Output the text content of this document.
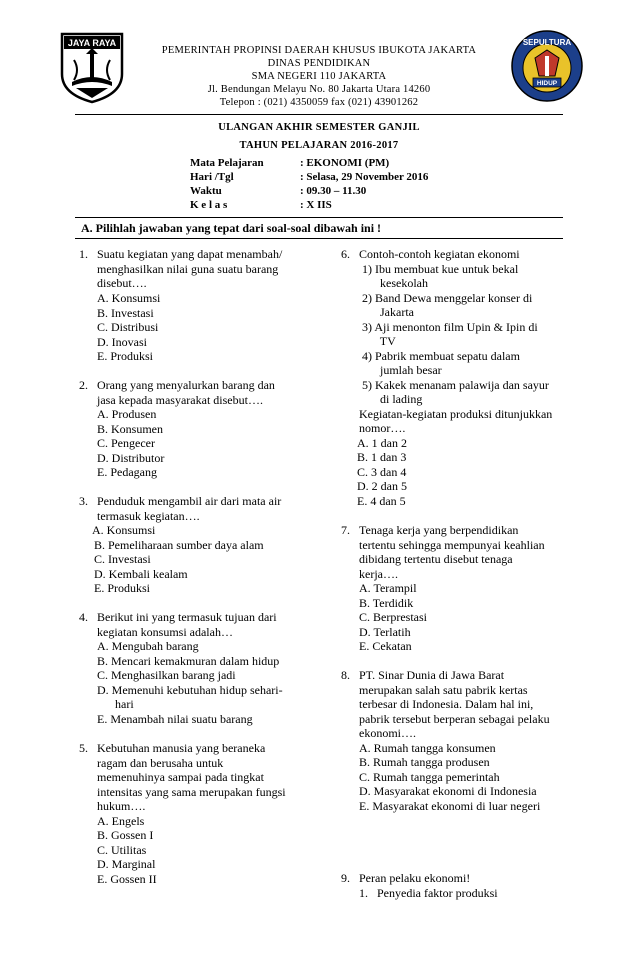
JAYA RAYA	SEPULTURA
HIDUP
PEMERINTAH PROPINSI DAERAH KHUSUS IBUKOTA JAKARTA
DINAS PENDIDIKAN
SMA NEGERI 110 JAKARTA
Jl. Bendungan Melayu No. 80 Jakarta Utara 14260
Telepon : (021) 4350059 fax (021) 43901262
ULANGAN AKHIR SEMESTER GANJIL
TAHUN PELAJARAN 2016-2017
Mata Pelajaran	: EKONOMI (PM)
Hari /Tgl	: Selasa, 29 November 2016
Waktu	: 09.30 – 11.30
K e l a s	: X IIS
A. Pilihlah jawaban yang tepat dari soal-soal dibawah ini !
1. Suatu kegiatan yang dapat menambah/
menghasilkan nilai guna suatu barang
disebut….
A. Konsumsi
B. Investasi
C. Distribusi
D. Inovasi
E. Produksi
2. Orang yang menyalurkan barang dan
jasa kepada masyarakat disebut….
A. Produsen
B. Konsumen
C. Pengecer
D. Distributor
E. Pedagang
3. Penduduk mengambil air dari mata air
termasuk kegiatan….
A. Konsumsi
B. Pemeliharaan sumber daya alam
C. Investasi
D. Kembali kealam
E. Produksi
4. Berikut ini yang termasuk tujuan dari
kegiatan konsumsi adalah…
A. Mengubah barang
B. Mencari kemakmuran dalam hidup
C. Menghasilkan barang jadi
D. Memenuhi kebutuhan hidup sehari-
hari
E. Menambah nilai suatu barang
5. Kebutuhan manusia yang beraneka
ragam dan berusaha untuk
memenuhinya sampai pada tingkat
intensitas yang sama merupakan fungsi
hukum….
A. Engels
B. Gossen I
C. Utilitas
D. Marginal
E. Gossen II
6. Contoh-contoh kegiatan ekonomi
1) Ibu membuat kue untuk bekal
kesekolah
2) Band Dewa menggelar konser di
Jakarta
3) Aji menonton film Upin & Ipin di
TV
4) Pabrik membuat sepatu dalam
jumlah besar
5) Kakek menanam palawija dan sayur
di lading
Kegiatan-kegiatan produksi ditunjukkan
nomor….
A. 1 dan 2
B. 1 dan 3
C. 3 dan 4
D. 2 dan 5
E. 4 dan 5
7. Tenaga kerja yang berpendidikan
tertentu sehingga mempunyai keahlian
dibidang tertentu disebut tenaga
kerja….
A. Terampil
B. Terdidik
C. Berprestasi
D. Terlatih
E. Cekatan
8. PT. Sinar Dunia di Jawa Barat
merupakan salah satu pabrik kertas
terbesar di Indonesia. Dalam hal ini,
pabrik tersebut berperan sebagai pelaku
ekonomi….
A. Rumah tangga konsumen
B. Rumah tangga produsen
C. Rumah tangga pemerintah
D. Masyarakat ekonomi di Indonesia
E. Masyarakat ekonomi di luar negeri
9. Peran pelaku ekonomi!
1.   Penyedia faktor produksi
